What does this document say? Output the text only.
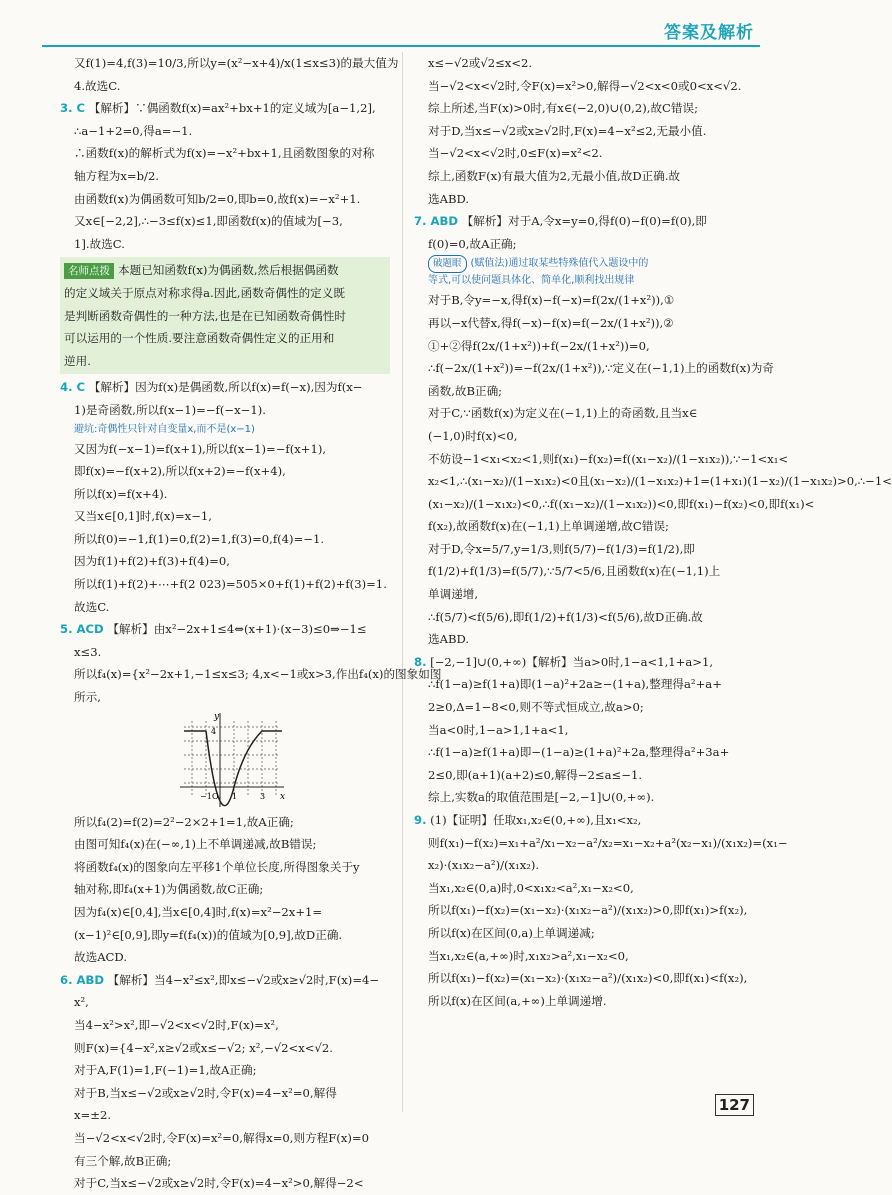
答案及解析
又f(1)=4,f(3)=10/3,所以y=(x²−x+4)/x(1≤x≤3)的最大值为
4.故选C.
3. C 【解析】∵偶函数f(x)=ax²+bx+1的定义域为[a−1,2],
∴a−1+2=0,得a=−1.
∴函数f(x)的解析式为f(x)=−x²+bx+1,且函数图象的对称
轴方程为x=b/2.
由函数f(x)为偶函数可知b/2=0,即b=0,故f(x)=−x²+1.
又x∈[−2,2],∴−3≤f(x)≤1,即函数f(x)的值域为[−3,
1].故选C.
名师点拨 本题已知函数f(x)为偶函数,然后根据偶函数
的定义域关于原点对称求得a.因此,函数奇偶性的定义既
是判断函数奇偶性的一种方法,也是在已知函数奇偶性时
可以运用的一个性质.要注意函数奇偶性定义的正用和
逆用.
4. C 【解析】因为f(x)是偶函数,所以f(x)=f(−x),因为f(x−
1)是奇函数,所以f(x−1)=−f(−x−1).
避坑:奇偶性只针对自变量x,而不是(x−1)
又因为f(−x−1)=f(x+1),所以f(x−1)=−f(x+1),
即f(x)=−f(x+2),所以f(x+2)=−f(x+4),
所以f(x)=f(x+4).
又当x∈[0,1]时,f(x)=x−1,
所以f(0)=−1,f(1)=0,f(2)=1,f(3)=0,f(4)=−1.
因为f(1)+f(2)+f(3)+f(4)=0,
所以f(1)+f(2)+⋯+f(2 023)=505×0+f(1)+f(2)+f(3)=1.
故选C.
5. ACD 【解析】由x²−2x+1≤4⇔(x+1)·(x−3)≤0⇒−1≤
x≤3.
所以f₄(x)={x²−2x+1,−1≤x≤3; 4,x<−1或x>3,作出f₄(x)的图象如图
所示,
y
x
O
−1	1	3
4
所以f₄(2)=f(2)=2²−2×2+1=1,故A正确;
由图可知f₄(x)在(−∞,1)上不单调递减,故B错误;
将函数f₄(x)的图象向左平移1个单位长度,所得图象关于y
轴对称,即f₄(x+1)为偶函数,故C正确;
因为f₄(x)∈[0,4],当x∈[0,4]时,f(x)=x²−2x+1=
(x−1)²∈[0,9],即y=f(f₄(x))的值域为[0,9],故D正确.
故选ACD.
6. ABD 【解析】当4−x²≤x²,即x≤−√2或x≥√2时,F(x)=4−
x²,
当4−x²>x²,即−√2<x<√2时,F(x)=x²,
则F(x)={4−x²,x≥√2或x≤−√2; x²,−√2<x<√2.
对于A,F(1)=1,F(−1)=1,故A正确;
对于B,当x≤−√2或x≥√2时,令F(x)=4−x²=0,解得
x=±2.
当−√2<x<√2时,令F(x)=x²=0,解得x=0,则方程F(x)=0
有三个解,故B正确;
对于C,当x≤−√2或x≥√2时,令F(x)=4−x²>0,解得−2<
x≤−√2或√2≤x<2.
当−√2<x<√2时,令F(x)=x²>0,解得−√2<x<0或0<x<√2.
综上所述,当F(x)>0时,有x∈(−2,0)∪(0,2),故C错误;
对于D,当x≤−√2或x≥√2时,F(x)=4−x²≤2,无最小值.
当−√2<x<√2时,0≤F(x)=x²<2.
综上,函数F(x)有最大值为2,无最小值,故D正确.故
选ABD.
7. ABD 【解析】对于A,令x=y=0,得f(0)−f(0)=f(0),即
f(0)=0,故A正确;
破题眼 (赋值法)通过取某些特殊值代入题设中的
等式,可以使问题具体化、简单化,顺利找出规律
对于B,令y=−x,得f(x)−f(−x)=f(2x/(1+x²)),①
再以−x代替x,得f(−x)−f(x)=f(−2x/(1+x²)),②
①+②得f(2x/(1+x²))+f(−2x/(1+x²))=0,
∴f(−2x/(1+x²))=−f(2x/(1+x²)),∵定义在(−1,1)上的函数f(x)为奇
函数,故B正确;
对于C,∵函数f(x)为定义在(−1,1)上的奇函数,且当x∈
(−1,0)时f(x)<0,
不妨设−1<x₁<x₂<1,则f(x₁)−f(x₂)=f((x₁−x₂)/(1−x₁x₂)),∵−1<x₁<
x₂<1,∴(x₁−x₂)/(1−x₁x₂)<0且(x₁−x₂)/(1−x₁x₂)+1=(1+x₁)(1−x₂)/(1−x₁x₂)>0,∴−1<
(x₁−x₂)/(1−x₁x₂)<0,∴f((x₁−x₂)/(1−x₁x₂))<0,即f(x₁)−f(x₂)<0,即f(x₁)<
f(x₂),故函数f(x)在(−1,1)上单调递增,故C错误;
对于D,令x=5/7,y=1/3,则f(5/7)−f(1/3)=f(1/2),即
f(1/2)+f(1/3)=f(5/7),∵5/7<5/6,且函数f(x)在(−1,1)上
单调递增,
∴f(5/7)<f(5/6),即f(1/2)+f(1/3)<f(5/6),故D正确.故
选ABD.
8. [−2,−1]∪(0,+∞)【解析】当a>0时,1−a<1,1+a>1,
∴f(1−a)≥f(1+a)即(1−a)²+2a≥−(1+a),整理得a²+a+
2≥0,Δ=1−8<0,则不等式恒成立,故a>0;
当a<0时,1−a>1,1+a<1,
∴f(1−a)≥f(1+a)即−(1−a)≥(1+a)²+2a,整理得a²+3a+
2≤0,即(a+1)(a+2)≤0,解得−2≤a≤−1.
综上,实数a的取值范围是[−2,−1]∪(0,+∞).
9. (1)【证明】任取x₁,x₂∈(0,+∞),且x₁<x₂,
则f(x₁)−f(x₂)=x₁+a²/x₁−x₂−a²/x₂=x₁−x₂+a²(x₂−x₁)/(x₁x₂)=(x₁−
x₂)·(x₁x₂−a²)/(x₁x₂).
当x₁,x₂∈(0,a)时,0<x₁x₂<a²,x₁−x₂<0,
所以f(x₁)−f(x₂)=(x₁−x₂)·(x₁x₂−a²)/(x₁x₂)>0,即f(x₁)>f(x₂),
所以f(x)在区间(0,a)上单调递减;
当x₁,x₂∈(a,+∞)时,x₁x₂>a²,x₁−x₂<0,
所以f(x₁)−f(x₂)=(x₁−x₂)·(x₁x₂−a²)/(x₁x₂)<0,即f(x₁)<f(x₂),
所以f(x)在区间(a,+∞)上单调递增.
127
